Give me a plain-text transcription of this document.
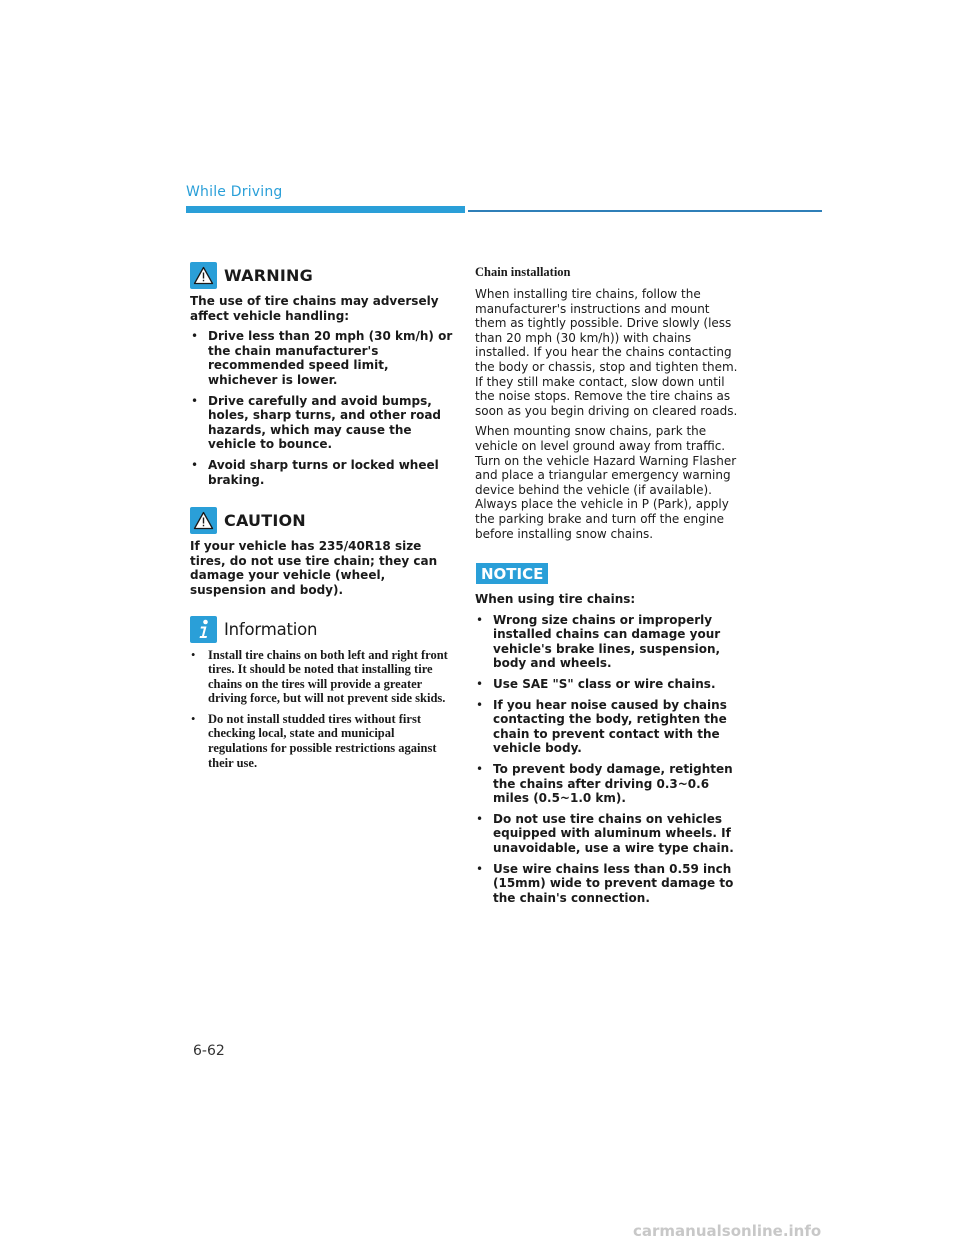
While Driving
WARNING

The use of tire chains may adversely affect vehicle handling:

• Drive less than 20 mph (30 km/h) or the chain manufacturer's recommended speed limit, whichever is lower.
• Drive carefully and avoid bumps, holes, sharp turns, and other road hazards, which may cause the vehicle to bounce.
• Avoid sharp turns or locked wheel braking.
CAUTION

If your vehicle has 235/40R18 size tires, do not use tire chain; they can damage your vehicle (wheel, suspension and body).

Information
• Install tire chains on both left and right front tires. It should be noted that installing tire chains on the tires will provide a greater driving force, but will not prevent side skids.
• Do not install studded tires without first checking local, state and municipal regulations for possible restrictions against their use.
Chain installation

When installing tire chains, follow the manufacturer's instructions and mount them as tightly possible. Drive slowly (less than 20 mph (30 km/h)) with chains installed. If you hear the chains contacting the body or chassis, stop and tighten them. If they still make contact, slow down until the noise stops. Remove the tire chains as soon as you begin driving on cleared roads.

When mounting snow chains, park the vehicle on level ground away from traffic. Turn on the vehicle Hazard Warning Flasher and place a triangular emergency warning device behind the vehicle (if available). Always place the vehicle in P (Park), apply the parking brake and turn off the engine before installing snow chains.

NOTICE

When using tire chains:

• Wrong size chains or improperly installed chains can damage your vehicle's brake lines, suspension, body and wheels.
• Use SAE "S" class or wire chains.
• If you hear noise caused by chains contacting the body, retighten the chain to prevent contact with the vehicle body.
• To prevent body damage, retighten the chains after driving 0.3~0.6 miles (0.5~1.0 km).
• Do not use tire chains on vehicles equipped with aluminum wheels. If unavoidable, use a wire type chain.
• Use wire chains less than 0.59 inch (15mm) wide to prevent damage to the chain's connection.
6-62
carmanualsonline.info
